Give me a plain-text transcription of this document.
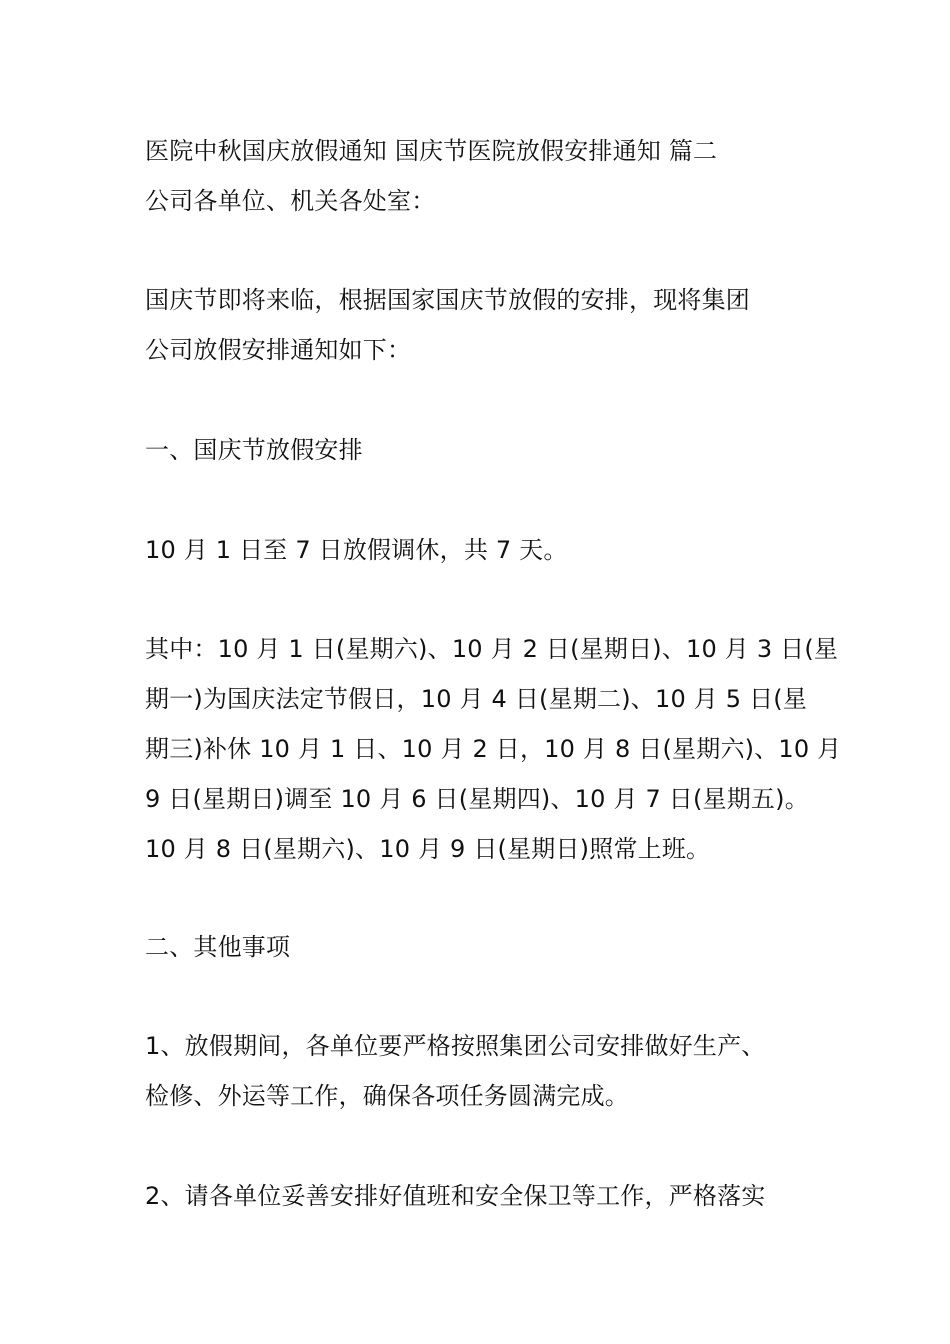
医院中秋国庆放假通知 国庆节医院放假安排通知 篇二
公司各单位、机关各处室：
国庆节即将来临，根据国家国庆节放假的安排，现将集团
公司放假安排通知如下：
一、国庆节放假安排
10 月 1 日至 7 日放假调休，共 7 天。
其中：10 月 1 日(星期六)、10 月 2 日(星期日)、10 月 3 日(星
期一)为国庆法定节假日，10 月 4 日(星期二)、10 月 5 日(星
期三)补休 10 月 1 日、10 月 2 日，10 月 8 日(星期六)、10 月
9 日(星期日)调至 10 月 6 日(星期四)、10 月 7 日(星期五)。
10 月 8 日(星期六)、10 月 9 日(星期日)照常上班。
二、其他事项
1、放假期间，各单位要严格按照集团公司安排做好生产、
检修、外运等工作，确保各项任务圆满完成。
2、请各单位妥善安排好值班和安全保卫等工作，严格落实
